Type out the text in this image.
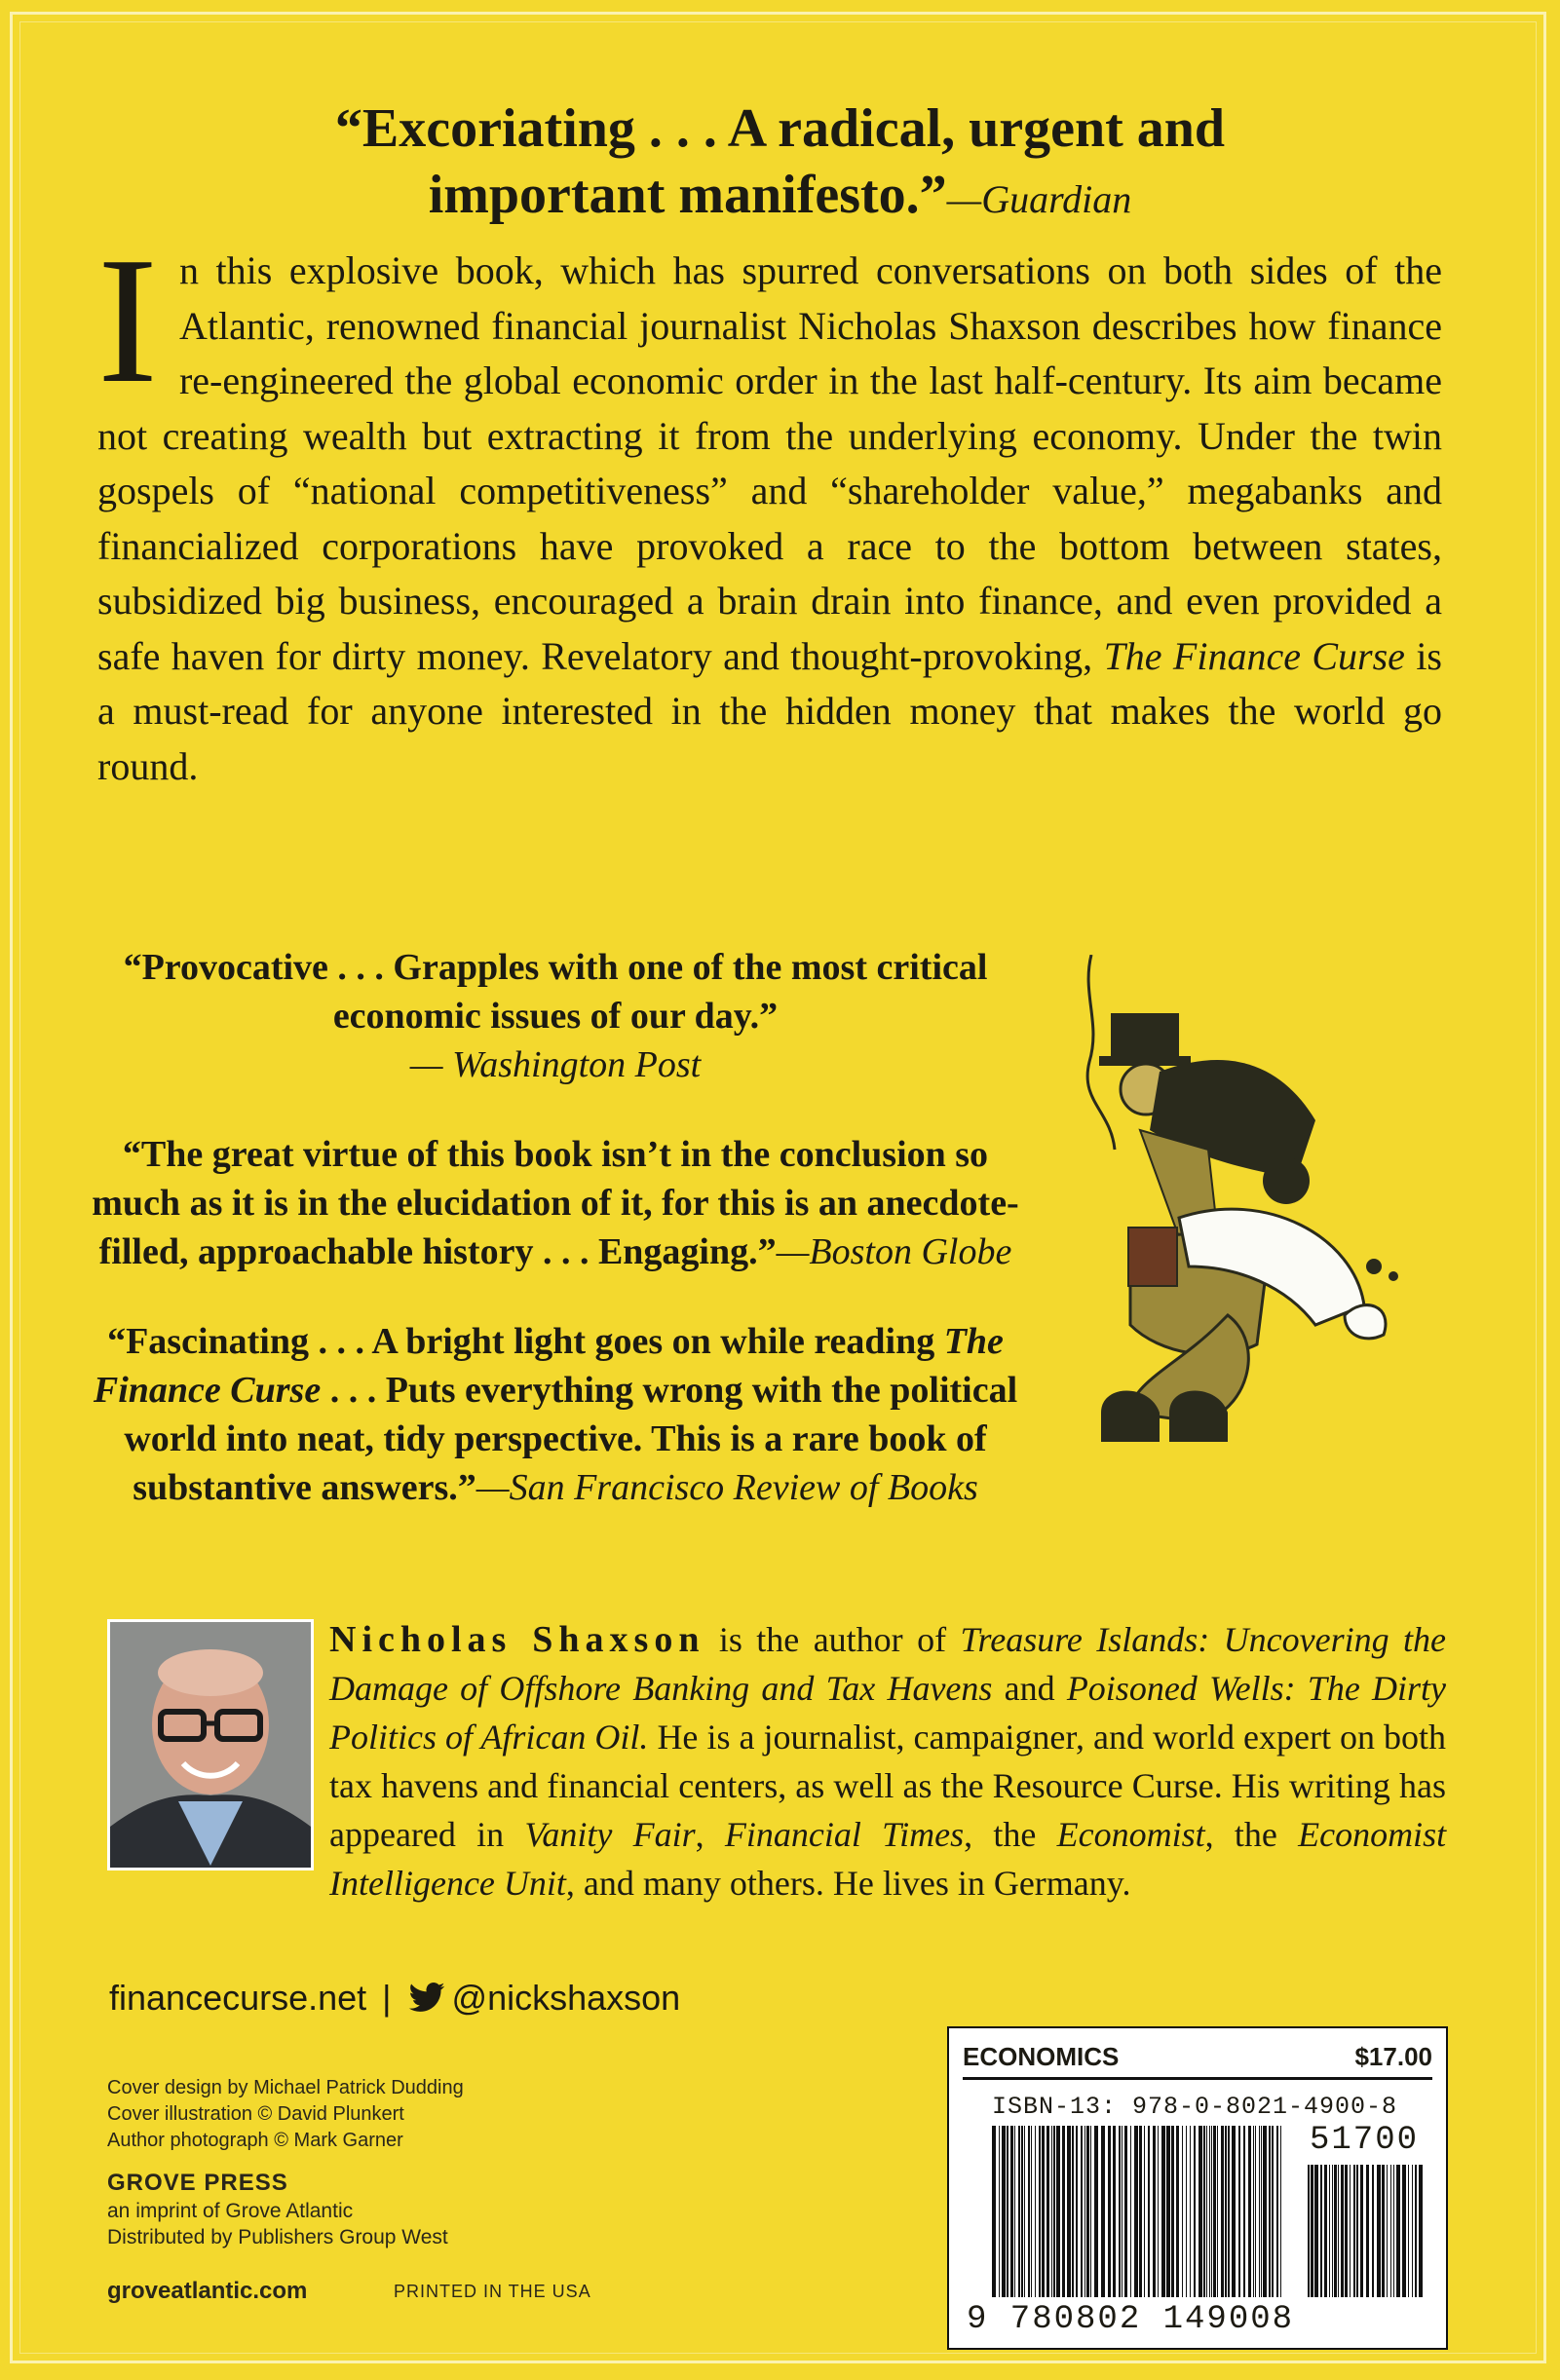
“Excoriating . . . A radical, urgent and
important manifesto.”—Guardian
In this explosive book, which has spurred conversations on both sides of the Atlantic, renowned financial journalist Nicholas Shaxson describes how finance re-engineered the global economic order in the last half-century. Its aim became not creating wealth but extracting it from the underlying economy. Under the twin gospels of “national competitiveness” and “shareholder value,” megabanks and financialized corporations have provoked a race to the bottom between states, subsidized big business, encouraged a brain drain into finance, and even provided a safe haven for dirty money. Revelatory and thought-provoking, The Finance Curse is a must-read for anyone interested in the hidden money that makes the world go round.

“Provocative . . . Grapples with one of the most critical economic issues of our day.”
— Washington Post

“The great virtue of this book isn’t in the conclusion so much as it is in the elucidation of it, for this is an anecdote-filled, approachable history . . . Engaging.”—Boston Globe

“Fascinating . . . A bright light goes on while reading The Finance Curse . . . Puts everything wrong with the political world into neat, tidy perspective. This is a rare book of substantive answers.”—San Francisco Review of Books

Nicholas Shaxson is the author of Treasure Islands: Uncovering the Damage of Offshore Banking and Tax Havens and Poisoned Wells: The Dirty Politics of African Oil. He is a journalist, campaigner, and world expert on both tax havens and financial centers, as well as the Resource Curse. His writing has appeared in Vanity Fair, Financial Times, the Economist, the Economist Intelligence Unit, and many others. He lives in Germany.
financecurse.net | @nickshaxson
Cover design by Michael Patrick Dudding
Cover illustration © David Plunkert
Author photograph © Mark Garner
GROVE PRESS
an imprint of Grove Atlantic
Distributed by Publishers Group West
groveatlantic.com	PRINTED IN THE USA
ECONOMICS	$17.00
ISBN-13: 978-0-8021-4900-8
51700
9 780802 149008
